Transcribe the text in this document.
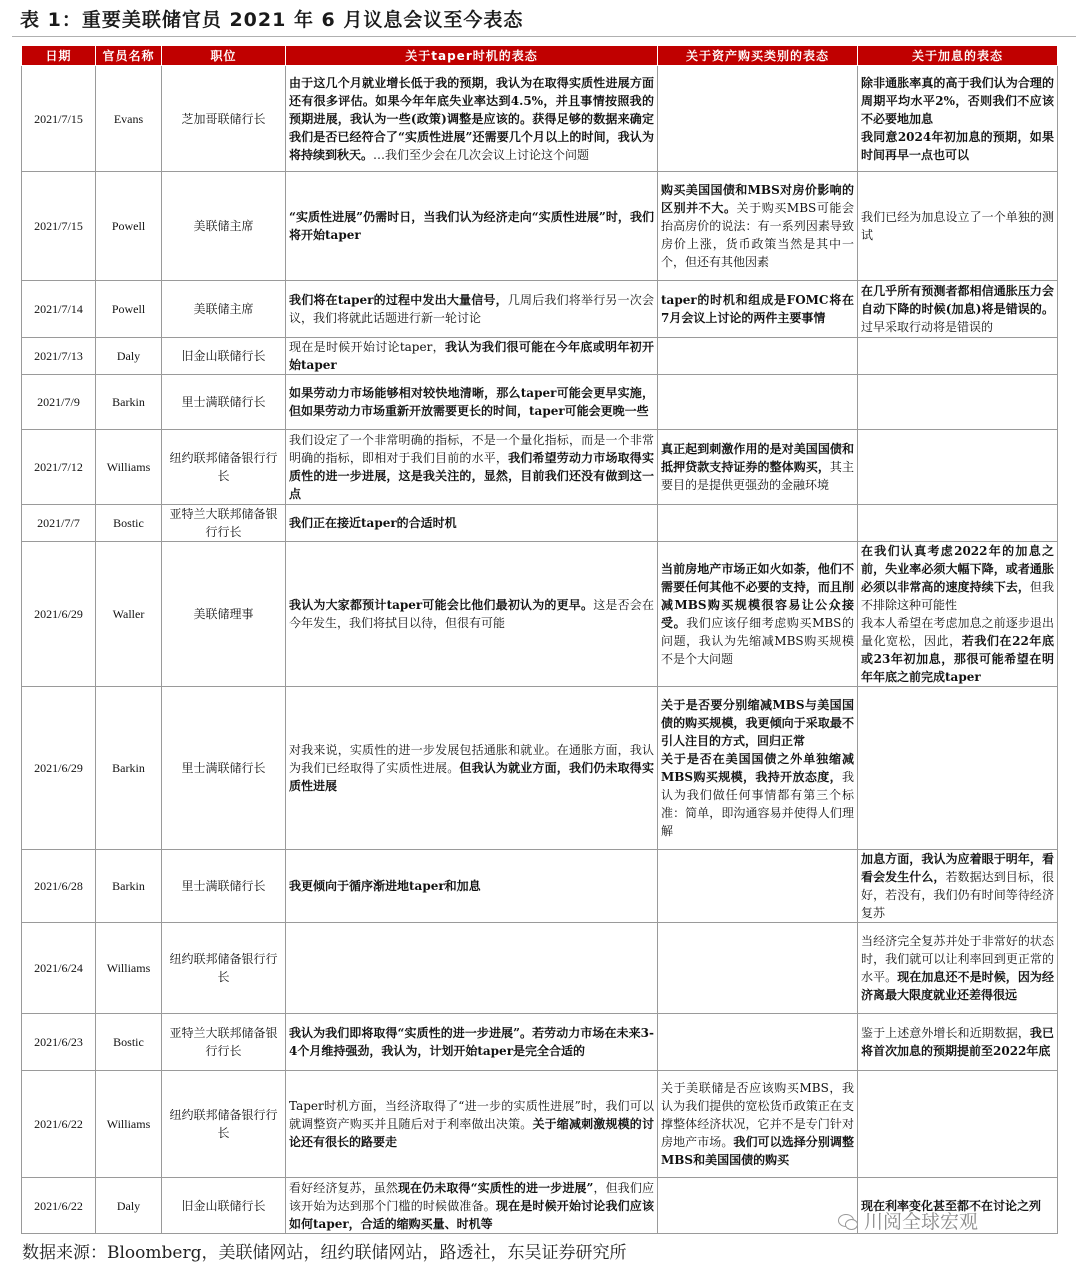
表 1：重要美联储官员 2021 年 6 月议息会议至今表态
日期	官员名称	职位	关于taper时机的表态	关于资产购买类别的表态	关于加息的表态
2021/7/15	Evans	芝加哥联储行长	由于这几个月就业增长低于我的预期，我认为在取得实质性进展方面还有很多评估。如果今年年底失业率达到4.5%，并且事情按照我的预期进展，我认为一些(政策)调整是应该的。获得足够的数据来确定我们是否已经符合了“实质性进展”还需要几个月以上的时间，我认为将持续到秋天。…我们至少会在几次会议上讨论这个问题		除非通胀率真的高于我们认为合理的周期平均水平2%，否则我们不应该不必要地加息
我同意2024年初加息的预期，如果时间再早一点也可以
2021/7/15	Powell	美联储主席	“实质性进展”仍需时日，当我们认为经济走向“实质性进展”时，我们将开始taper	购买美国国债和MBS对房价影响的区别并不大。关于购买MBS可能会抬高房价的说法：有一系列因素导致房价上涨，货币政策当然是其中一个，但还有其他因素	我们已经为加息设立了一个单独的测试
2021/7/14	Powell	美联储主席	我们将在taper的过程中发出大量信号，几周后我们将举行另一次会议，我们将就此话题进行新一轮讨论	taper的时机和组成是FOMC将在7月会议上讨论的两件主要事情	在几乎所有预测者都相信通胀压力会自动下降的时候(加息)将是错误的。过早采取行动将是错误的
2021/7/13	Daly	旧金山联储行长	现在是时候开始讨论taper，我认为我们很可能在今年底或明年初开始taper		
2021/7/9	Barkin	里士满联储行长	如果劳动力市场能够相对较快地清晰，那么taper可能会更早实施，但如果劳动力市场重新开放需要更长的时间，taper可能会更晚一些		
2021/7/12	Williams	纽约联邦储备银行行长	我们设定了一个非常明确的指标，不是一个量化指标，而是一个非常明确的指标，即相对于我们目前的水平，我们希望劳动力市场取得实质性的进一步进展，这是我关注的，显然，目前我们还没有做到这一点	真正起到刺激作用的是对美国国债和抵押贷款支持证券的整体购买，其主要目的是提供更强劲的金融环境	
2021/7/7	Bostic	亚特兰大联邦储备银行行长	我们正在接近taper的合适时机		
2021/6/29	Waller	美联储理事	我认为大家都预计taper可能会比他们最初认为的更早。这是否会在今年发生，我们将拭目以待，但很有可能	当前房地产市场正如火如荼，他们不需要任何其他不必要的支持，而且削减MBS购买规模很容易让公众接受。我们应该仔细考虑购买MBS的问题，我认为先缩减MBS购买规模不是个大问题	在我们认真考虑2022年的加息之前，失业率必须大幅下降，或者通胀必须以非常高的速度持续下去，但我不排除这种可能性
我本人希望在考虑加息之前逐步退出量化宽松，因此，若我们在22年底或23年初加息，那很可能希望在明年年底之前完成taper
2021/6/29	Barkin	里士满联储行长	对我来说，实质性的进一步发展包括通胀和就业。在通胀方面，我认为我们已经取得了实质性进展。但我认为就业方面，我们仍未取得实质性进展	关于是否要分别缩减MBS与美国国债的购买规模，我更倾向于采取最不引人注目的方式，回归正常
关于是否在美国国债之外单独缩减MBS购买规模，我持开放态度，我认为我们做任何事情都有第三个标准：简单，即沟通容易并使得人们理解	
2021/6/28	Barkin	里士满联储行长	我更倾向于循序渐进地taper和加息		加息方面，我认为应着眼于明年，看看会发生什么，若数据达到目标，很好，若没有，我们仍有时间等待经济复苏
2021/6/24	Williams	纽约联邦储备银行行长			当经济完全复苏并处于非常好的状态时，我们就可以让利率回到更正常的水平。现在加息还不是时候，因为经济离最大限度就业还差得很远
2021/6/23	Bostic	亚特兰大联邦储备银行行长	我认为我们即将取得“实质性的进一步进展”。若劳动力市场在未来3-4个月维持强劲，我认为，计划开始taper是完全合适的		鉴于上述意外增长和近期数据，我已将首次加息的预期提前至2022年底
2021/6/22	Williams	纽约联邦储备银行行长	Taper时机方面，当经济取得了“进一步的实质性进展”时，我们可以就调整资产购买并且随后对于利率做出决策。关于缩减刺激规模的讨论还有很长的路要走	关于美联储是否应该购买MBS，我认为我们提供的宽松货币政策正在支撑整体经济状况，它并不是专门针对房地产市场。我们可以选择分别调整MBS和美国国债的购买	
2021/6/22	Daly	旧金山联储行长	看好经济复苏，虽然现在仍未取得“实质性的进一步进展”，但我们应该开始为达到那个门槛的时候做准备。现在是时候开始讨论我们应该如何taper，合适的缩购买量、时机等		现在利率变化甚至都不在讨论之列
川阅全球宏观
数据来源：Bloomberg，美联储网站，纽约联储网站，路透社，东吴证券研究所
